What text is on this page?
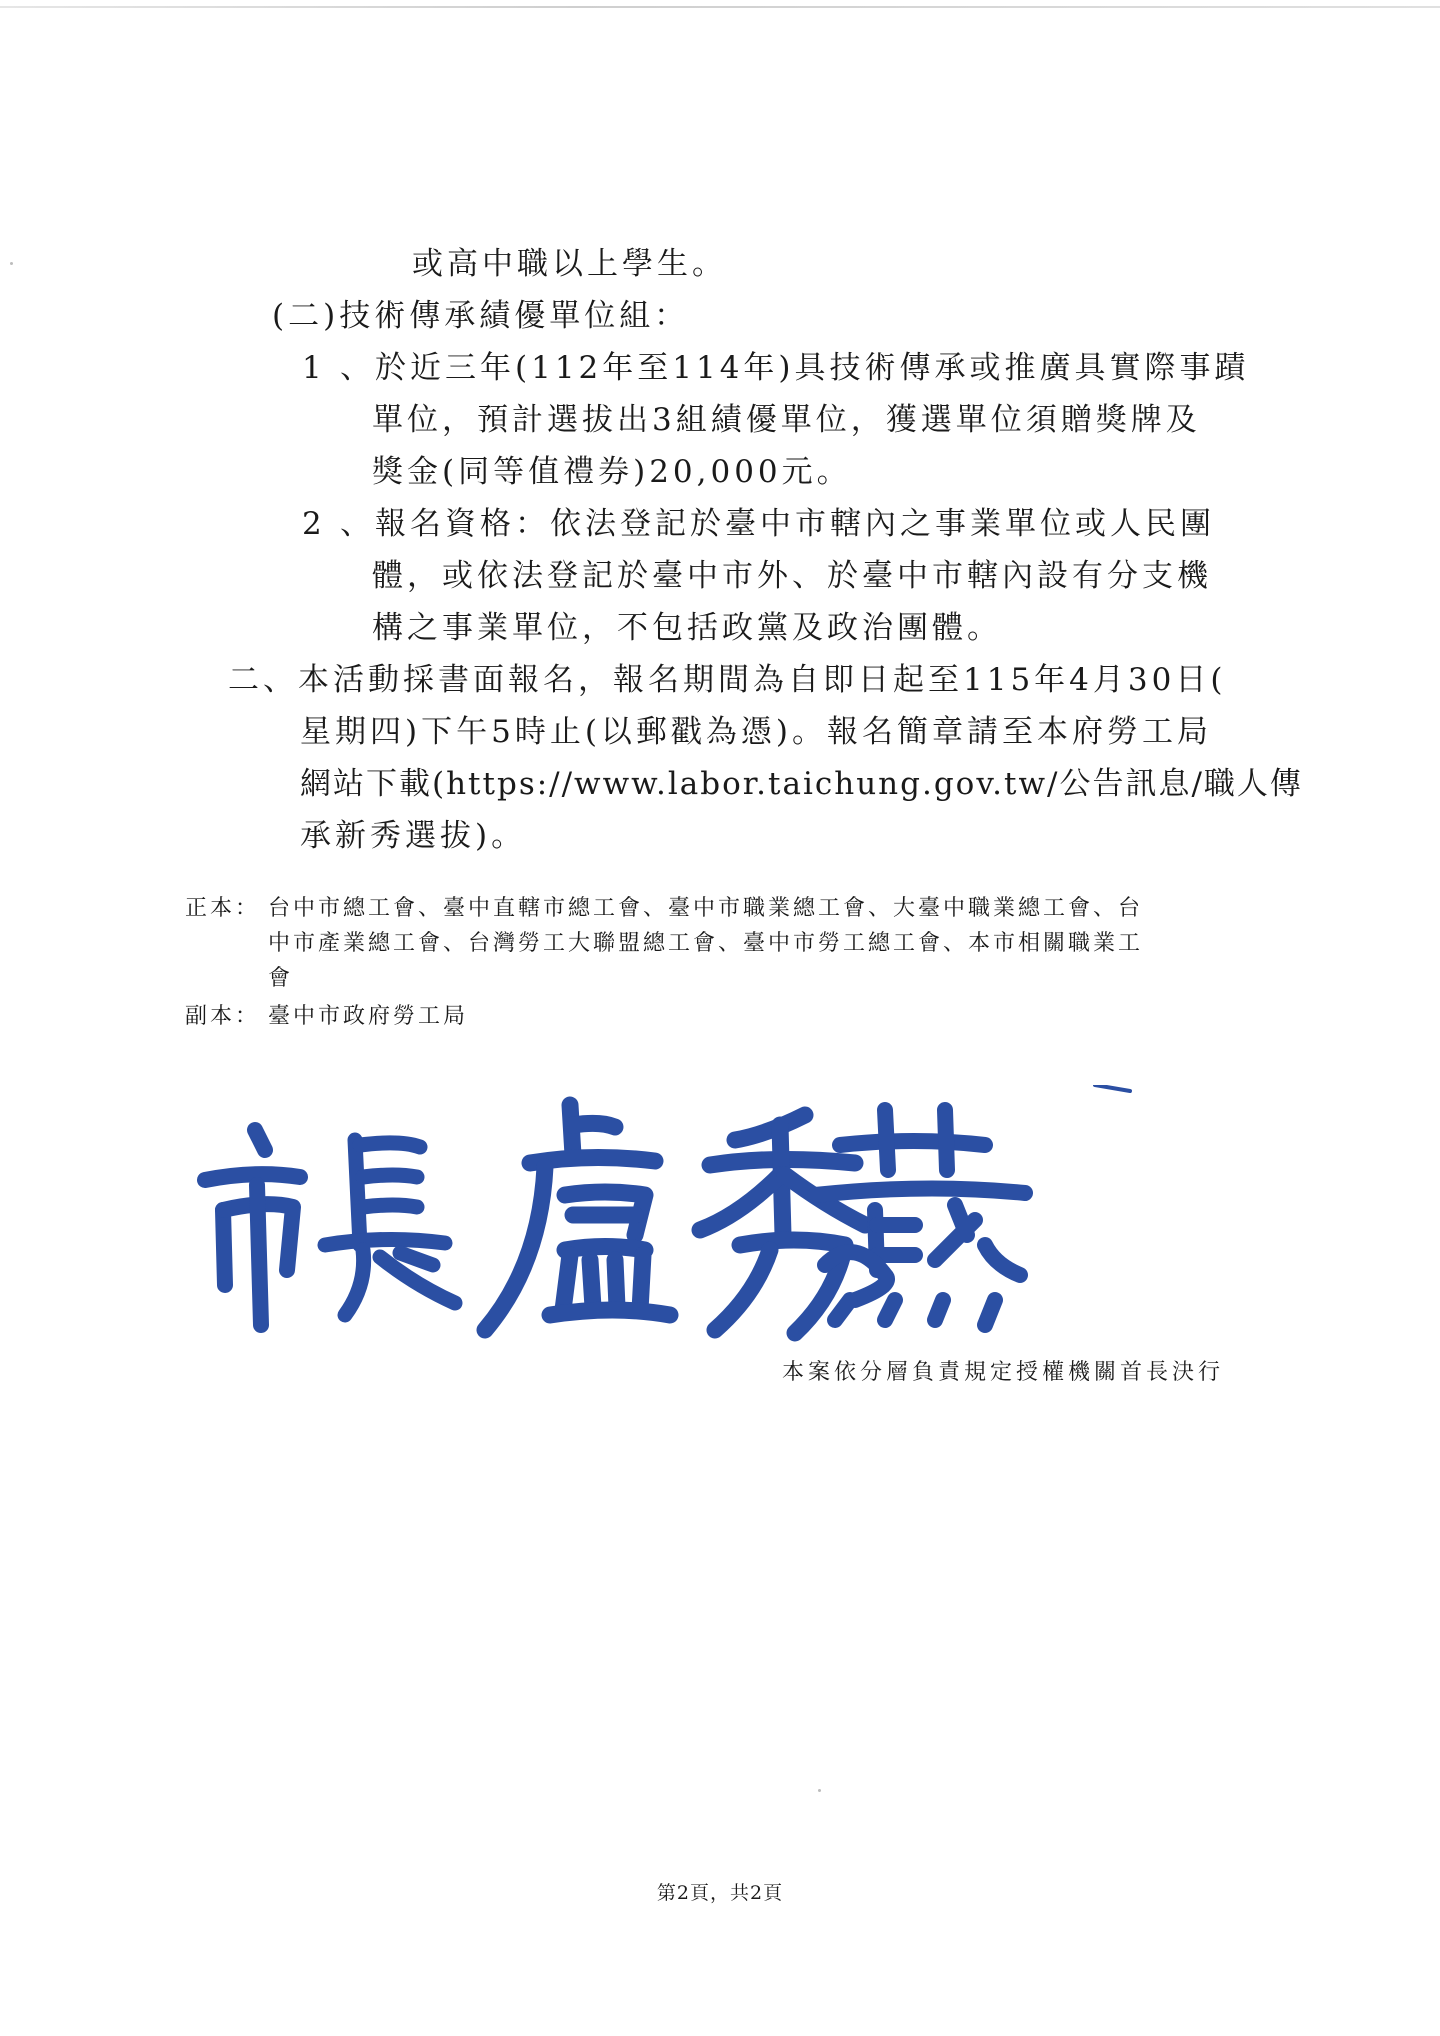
或高中職以上學生。
(二)技術傳承績優單位組：
1 、於近三年(112年至114年)具技術傳承或推廣具實際事蹟
單位，預計選拔出3組績優單位，獲選單位須贈獎牌及
獎金(同等值禮券)20,000元。
2 、報名資格：依法登記於臺中市轄內之事業單位或人民團
體，或依法登記於臺中市外、於臺中市轄內設有分支機
構之事業單位，不包括政黨及政治團體。
二、本活動採書面報名，報名期間為自即日起至115年4月30日(
星期四)下午5時止(以郵戳為憑)。報名簡章請至本府勞工局
網站下載(https://www.labor.taichung.gov.tw/公告訊息/職人傳
承新秀選拔)。
正本： 台中市總工會、臺中直轄市總工會、臺中市職業總工會、大臺中職業總工會、台
中市產業總工會、台灣勞工大聯盟總工會、臺中市勞工總工會、本市相關職業工
會
副本： 臺中市政府勞工局
本案依分層負責規定授權機關首長決行
第2頁，共2頁
